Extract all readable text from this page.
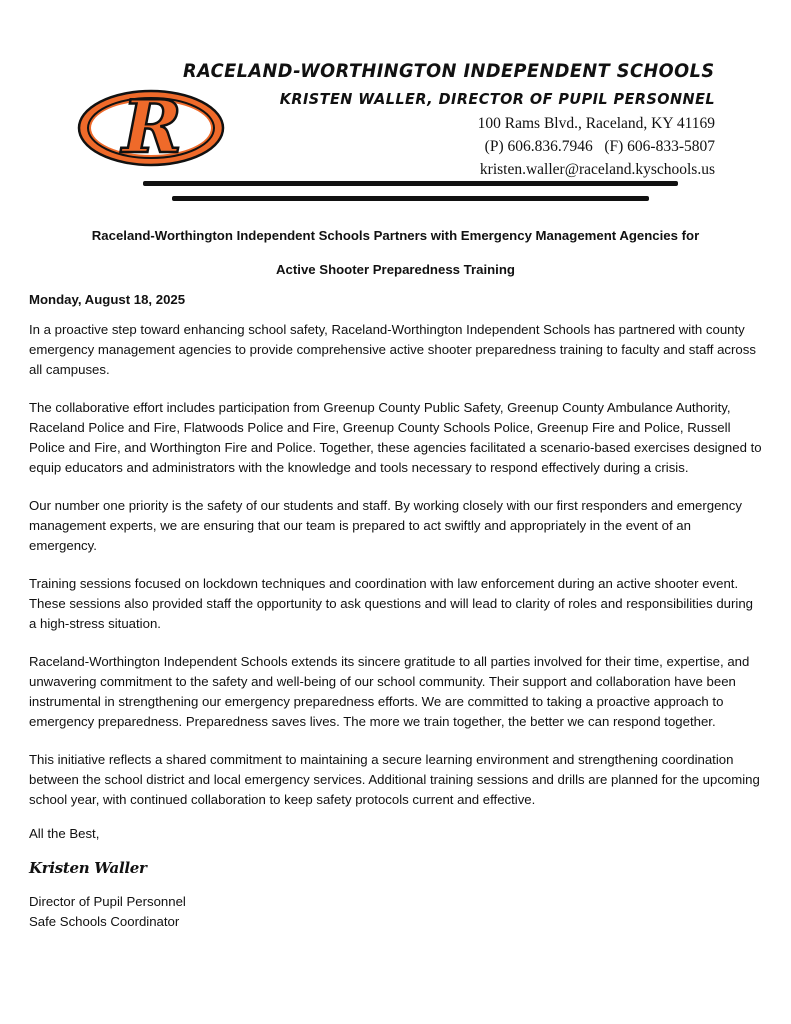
R
RACELAND-WORTHINGTON INDEPENDENT SCHOOLS
KRISTEN WALLER, DIRECTOR OF PUPIL PERSONNEL
100 Rams Blvd., Raceland, KY 41169
(P) 606.836.7946   (F) 606-833-5807
kristen.waller@raceland.kyschools.us

Raceland-Worthington Independent Schools Partners with Emergency Management Agencies for

Active Shooter Preparedness Training

Monday, August 18, 2025

In a proactive step toward enhancing school safety, Raceland-Worthington Independent Schools has partnered with county emergency management agencies to provide comprehensive active shooter preparedness training to faculty and staff across all campuses.

The collaborative effort includes participation from Greenup County Public Safety, Greenup County Ambulance Authority, Raceland Police and Fire, Flatwoods Police and Fire, Greenup County Schools Police, Greenup Fire and Police, Russell Police and Fire, and Worthington Fire and Police. Together, these agencies facilitated a scenario-based exercises designed to equip educators and administrators with the knowledge and tools necessary to respond effectively during a crisis.

Our number one priority is the safety of our students and staff. By working closely with our first responders and emergency management experts, we are ensuring that our team is prepared to act swiftly and appropriately in the event of an emergency.

Training sessions focused on lockdown techniques and coordination with law enforcement during an active shooter event. These sessions also provided staff the opportunity to ask questions and will lead to clarity of roles and responsibilities during a high-stress situation.

Raceland-Worthington Independent Schools extends its sincere gratitude to all parties involved for their time, expertise, and unwavering commitment to the safety and well-being of our school community. Their support and collaboration have been instrumental in strengthening our emergency preparedness efforts. We are committed to taking a proactive approach to emergency preparedness. Preparedness saves lives. The more we train together, the better we can respond together.

This initiative reflects a shared commitment to maintaining a secure learning environment and strengthening coordination between the school district and local emergency services. Additional training sessions and drills are planned for the upcoming school year, with continued collaboration to keep safety protocols current and effective.

All the Best,

Kristen Waller

Director of Pupil Personnel
Safe Schools Coordinator
